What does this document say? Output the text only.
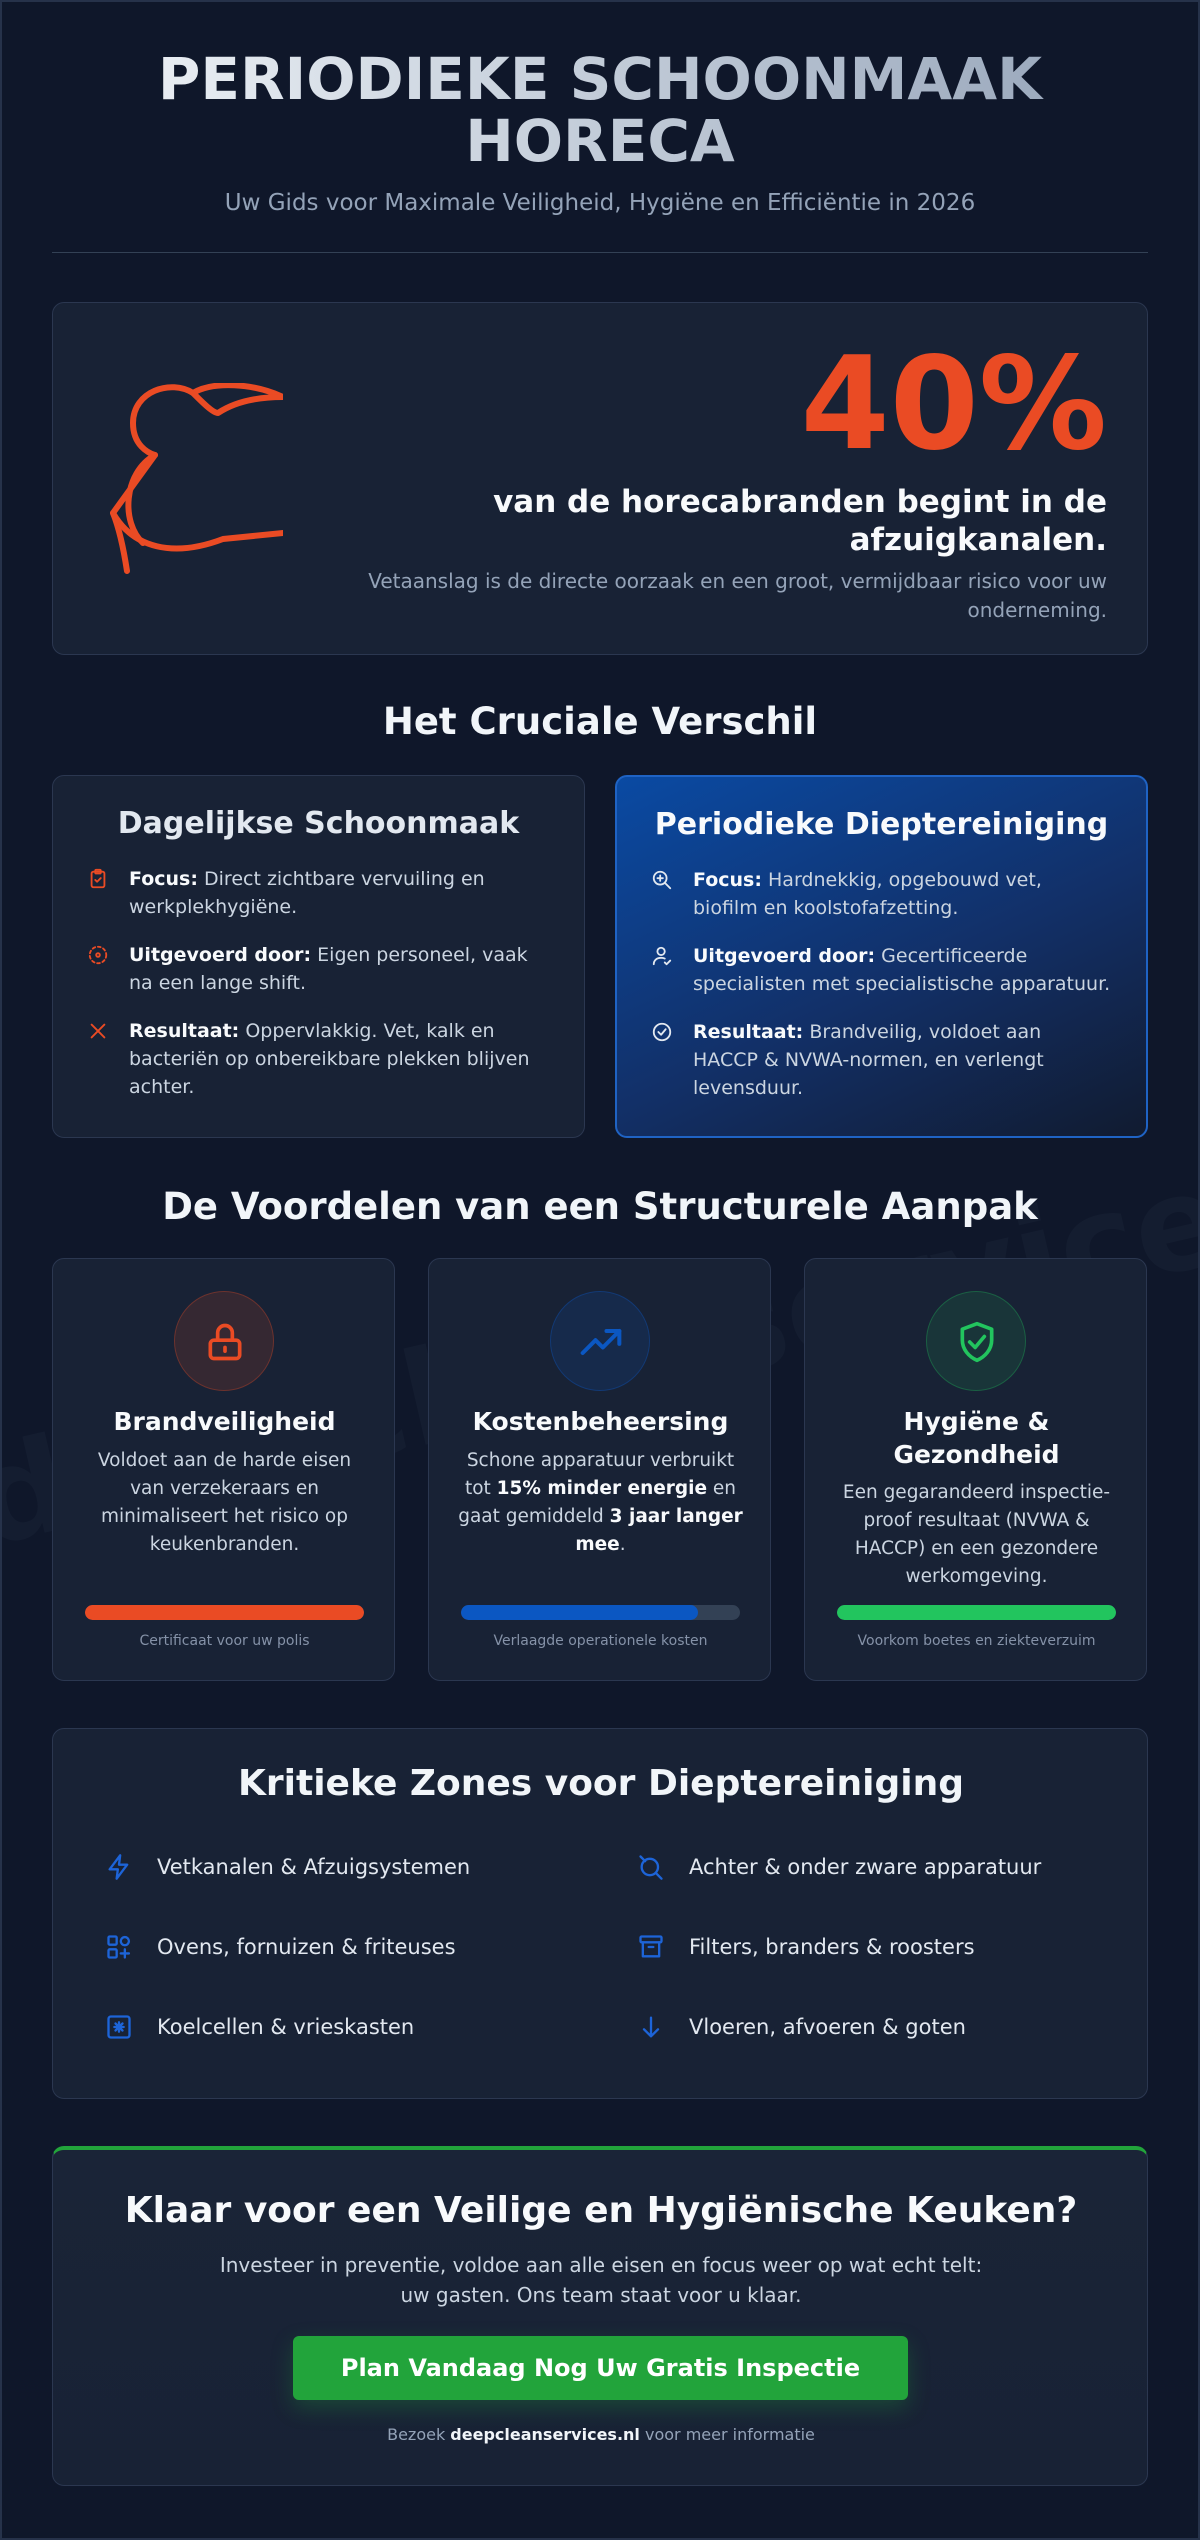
PERIODIEKE SCHOONMAAK
HORECA
Uw Gids voor Maximale Veiligheid, Hygiëne en Efficiëntie in 2026
40%
van de horecabranden begint in de afzuigkanalen.
Vetaanslag is de directe oorzaak en een groot, vermijdbaar risico voor uw onderneming.
Het Cruciale Verschil
Dagelijkse Schoonmaak
Focus: Direct zichtbare vervuiling en werkplekhygiëne.
Uitgevoerd door: Eigen personeel, vaak na een lange shift.
Resultaat: Oppervlakkig. Vet, kalk en bacteriën op onbereikbare plekken blijven achter.
Periodieke Dieptereiniging
Focus: Hardnekkig, opgebouwd vet, biofilm en koolstofafzetting.
Uitgevoerd door: Gecertificeerde specialisten met specialistische apparatuur.
Resultaat: Brandveilig, voldoet aan HACCP & NVWA-normen, en verlengt levensduur.
De Voordelen van een Structurele Aanpak
Brandveiligheid
Voldoet aan de harde eisen van verzekeraars en minimaliseert het risico op keukenbranden.
Certificaat voor uw polis
Kostenbeheersing
Schone apparatuur verbruikt tot 15% minder energie en gaat gemiddeld 3 jaar langer mee.
Verlaagde operationele kosten
Hygiëne & Gezondheid
Een gegarandeerd inspectie-proof resultaat (NVWA & HACCP) en een gezondere werkomgeving.
Voorkom boetes en ziekteverzuim
Kritieke Zones voor Dieptereiniging
Vetkanalen & Afzuigsystemen	Achter & onder zware apparatuur
Ovens, fornuizen & friteuses	Filters, branders & roosters
Koelcellen & vrieskasten	Vloeren, afvoeren & goten
Klaar voor een Veilige en Hygiënische Keuken?
Investeer in preventie, voldoe aan alle eisen en focus weer op wat echt telt:
uw gasten. Ons team staat voor u klaar.
Plan Vandaag Nog Uw Gratis Inspectie
Bezoek deepcleanservices.nl voor meer informatie
